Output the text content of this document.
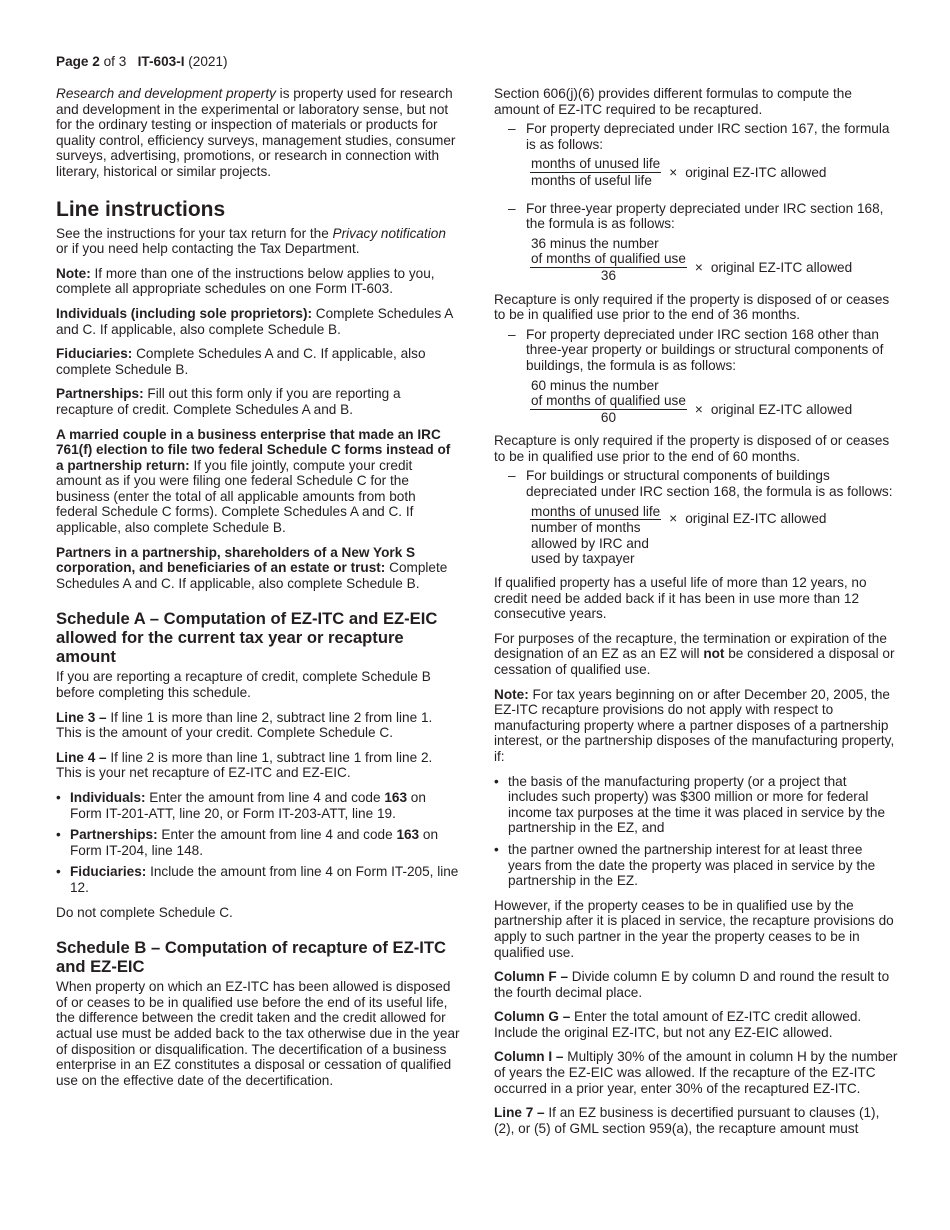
Page 2 of 3 IT-603-I (2021)

Research and development property is property used for research and development in the experimental or laboratory sense, but not for the ordinary testing or inspection of materials or products for quality control, efficiency surveys, management studies, consumer surveys, advertising, promotions, or research in connection with literary, historical or similar projects.

Line instructions

See the instructions for your tax return for the Privacy notification or if you need help contacting the Tax Department.

Note: If more than one of the instructions below applies to you, complete all appropriate schedules on one Form IT-603.

Individuals (including sole proprietors): Complete Schedules A and C. If applicable, also complete Schedule B.

Fiduciaries: Complete Schedules A and C. If applicable, also complete Schedule B.

Partnerships: Fill out this form only if you are reporting a recapture of credit. Complete Schedules A and B.

A married couple in a business enterprise that made an IRC 761(f) election to file two federal Schedule C forms instead of a partnership return: If you file jointly, compute your credit amount as if you were filing one federal Schedule C for the business (enter the total of all applicable amounts from both federal Schedule C forms). Complete Schedules A and C. If applicable, also complete Schedule B.

Partners in a partnership, shareholders of a New York S corporation, and beneficiaries of an estate or trust: Complete Schedules A and C. If applicable, also complete Schedule B.

Schedule A – Computation of EZ-ITC and EZ-EIC allowed for the current tax year or recapture amount

If you are reporting a recapture of credit, complete Schedule B before completing this schedule.

Line 3 – If line 1 is more than line 2, subtract line 2 from line 1. This is the amount of your credit. Complete Schedule C.

Line 4 – If line 2 is more than line 1, subtract line 1 from line 2. This is your net recapture of EZ-ITC and EZ-EIC.

• Individuals: Enter the amount from line 4 and code 163 on Form IT-201-ATT, line 20, or Form IT-203-ATT, line 19.
• Partnerships: Enter the amount from line 4 and code 163 on Form IT-204, line 148.
• Fiduciaries: Include the amount from line 4 on Form IT-205, line 12.

Do not complete Schedule C.

Schedule B – Computation of recapture of EZ-ITC and EZ-EIC

When property on which an EZ-ITC has been allowed is disposed of or ceases to be in qualified use before the end of its useful life, the difference between the credit taken and the credit allowed for actual use must be added back to the tax otherwise due in the year of disposition or disqualification. The decertification of a business enterprise in an EZ constitutes a disposal or cessation of qualified use on the effective date of the decertification.

Section 606(j)(6) provides different formulas to compute the amount of EZ-ITC required to be recaptured.

– For property depreciated under IRC section 167, the formula is as follows:
$\frac{\text{months of unused life}}{\text{months of useful life}}$ × original EZ-ITC allowed
– For three-year property depreciated under IRC section 168, the formula is as follows:
36 minus the number
of months of qualified use
36
× original EZ-ITC allowed

Recapture is only required if the property is disposed of or ceases to be in qualified use prior to the end of 36 months.

– For property depreciated under IRC section 168 other than three-year property or buildings or structural components of buildings, the formula is as follows:
60 minus the number
of months of qualified use
60
× original EZ-ITC allowed

Recapture is only required if the property is disposed of or ceases to be in qualified use prior to the end of 60 months.

– For buildings or structural components of buildings depreciated under IRC section 168, the formula is as follows:
months of unused life
number of months
allowed by IRC and
used by taxpayer
× original EZ-ITC allowed

If qualified property has a useful life of more than 12 years, no credit need be added back if it has been in use more than 12 consecutive years.

For purposes of the recapture, the termination or expiration of the designation of an EZ as an EZ will not be considered a disposal or cessation of qualified use.

Note: For tax years beginning on or after December 20, 2005, the EZ-ITC recapture provisions do not apply with respect to manufacturing property where a partner disposes of a partnership interest, or the partnership disposes of the manufacturing property, if:

• the basis of the manufacturing property (or a project that includes such property) was $300 million or more for federal income tax purposes at the time it was placed in service by the partnership in the EZ, and
• the partner owned the partnership interest for at least three years from the date the property was placed in service by the partnership in the EZ.

However, if the property ceases to be in qualified use by the partnership after it is placed in service, the recapture provisions do apply to such partner in the year the property ceases to be in qualified use.

Column F – Divide column E by column D and round the result to the fourth decimal place.

Column G – Enter the total amount of EZ-ITC credit allowed. Include the original EZ-ITC, but not any EZ-EIC allowed.

Column I – Multiply 30% of the amount in column H by the number of years the EZ-EIC was allowed. If the recapture of the EZ-ITC occurred in a prior year, enter 30% of the recaptured EZ-ITC.

Line 7 – If an EZ business is decertified pursuant to clauses (1), (2), or (5) of GML section 959(a), the recapture amount must
